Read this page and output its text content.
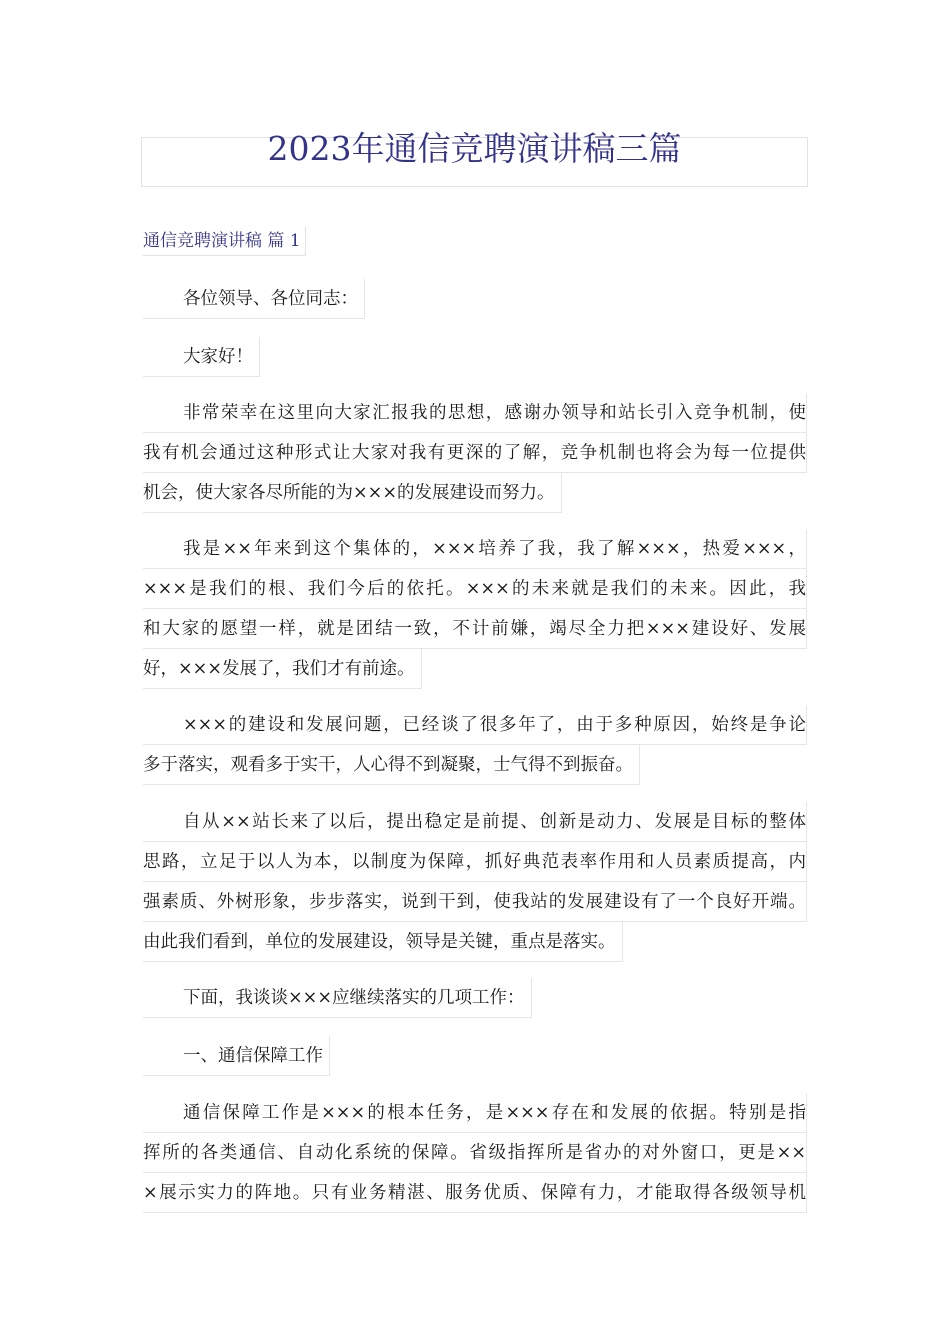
2023年通信竞聘演讲稿三篇
通信竞聘演讲稿 篇 1
各位领导、各位同志：
大家好！
非常荣幸在这里向大家汇报我的思想，感谢办领导和站长引入竞争机制，使
我有机会通过这种形式让大家对我有更深的了解，竞争机制也将会为每一位提供
机会，使大家各尽所能的为×××的发展建设而努力。
我是××年来到这个集体的，×××培养了我，我了解×××，热爱×××，
×××是我们的根、我们今后的依托。×××的未来就是我们的未来。因此，我
和大家的愿望一样，就是团结一致，不计前嫌，竭尽全力把×××建设好、发展
好，×××发展了，我们才有前途。
×××的建设和发展问题，已经谈了很多年了，由于多种原因，始终是争论
多于落实，观看多于实干，人心得不到凝聚，士气得不到振奋。
自从××站长来了以后，提出稳定是前提、创新是动力、发展是目标的整体
思路，立足于以人为本，以制度为保障，抓好典范表率作用和人员素质提高，内
强素质、外树形象，步步落实，说到干到，使我站的发展建设有了一个良好开端。
由此我们看到，单位的发展建设，领导是关键，重点是落实。
下面，我谈谈×××应继续落实的几项工作：
一、通信保障工作
通信保障工作是×××的根本任务，是×××存在和发展的依据。特别是指
挥所的各类通信、自动化系统的保障。省级指挥所是省办的对外窗口，更是××
×展示实力的阵地。只有业务精湛、服务优质、保障有力，才能取得各级领导机
